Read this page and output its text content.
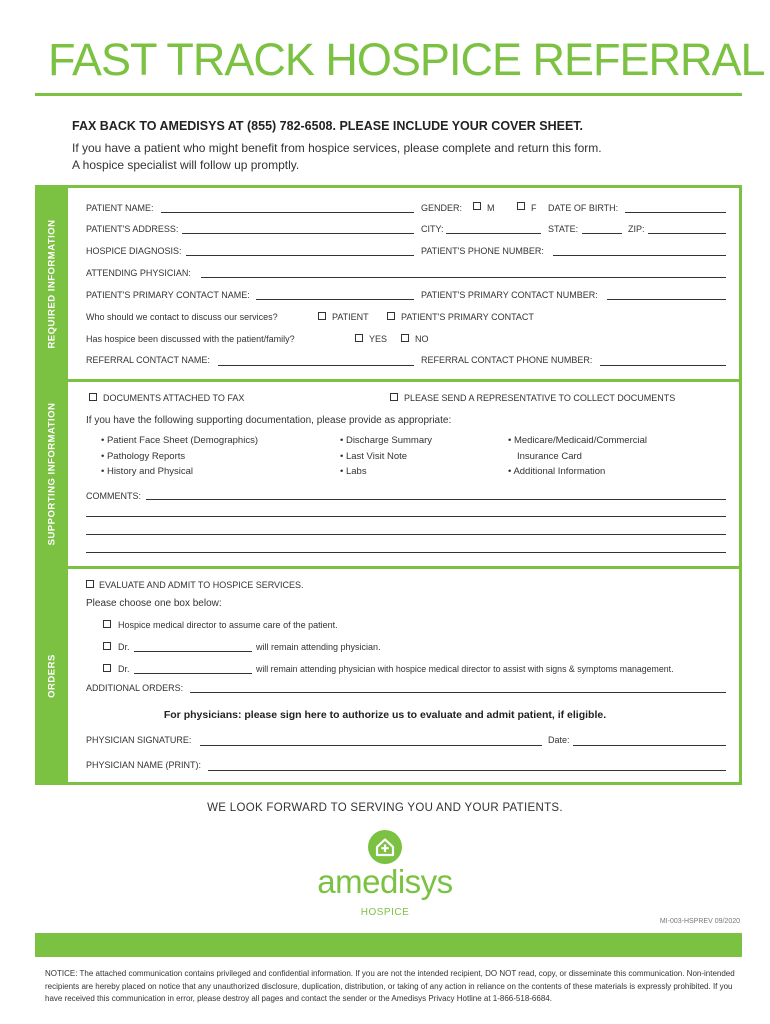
FAST TRACK HOSPICE REFERRAL
FAX BACK TO AMEDISYS AT (855) 782-6508. PLEASE INCLUDE YOUR COVER SHEET.
If you have a patient who might benefit from hospice services, please complete and return this form.
A hospice specialist will follow up promptly.
REQUIRED INFORMATION
SUPPORTING INFORMATION
ORDERS
PATIENT NAME:	GENDER:	M	F DATE OF BIRTH:
PATIENT'S ADDRESS:	CITY:	STATE:	ZIP:
HOSPICE DIAGNOSIS:	PATIENT'S PHONE NUMBER:
ATTENDING PHYSICIAN:
PATIENT'S PRIMARY CONTACT NAME:	PATIENT'S PRIMARY CONTACT NUMBER:
Who should we contact to discuss our services?	PATIENT	PATIENT'S PRIMARY CONTACT
Has hospice been discussed with the patient/family?	YES	NO
REFERRAL CONTACT NAME:	REFERRAL CONTACT PHONE NUMBER:
DOCUMENTS ATTACHED TO FAX	PLEASE SEND A REPRESENTATIVE TO COLLECT DOCUMENTS
If you have the following supporting documentation, please provide as appropriate:
• Patient Face Sheet (Demographics)
• Pathology Reports
• History and Physical
• Discharge Summary
• Last Visit Note
• Labs
• Medicare/Medicaid/Commercial
Insurance Card
• Additional Information
COMMENTS:
EVALUATE AND ADMIT TO HOSPICE SERVICES.
Please choose one box below:
Hospice medical director to assume care of the patient.
Dr.	will remain attending physician.
Dr.	will remain attending physician with hospice medical director to assist with signs & symptoms management.
ADDITIONAL ORDERS:
For physicians: please sign here to authorize us to evaluate and admit patient, if eligible.
PHYSICIAN SIGNATURE:	Date:
PHYSICIAN NAME (PRINT):
WE LOOK FORWARD TO SERVING YOU AND YOUR PATIENTS.
amedisys
HOSPICE
MI-003-HSPREV 09/2020
NOTICE: The attached communication contains privileged and confidential information. If you are not the intended recipient, DO NOT read, copy, or disseminate this communication. Non-intended recipients are hereby placed on notice that any unauthorized disclosure, duplication, distribution, or taking of any action in reliance on the contents of these materials is expressly prohibited. If you have received this communication in error, please destroy all pages and contact the sender or the Amedisys Privacy Hotline at 1-866-518-6684.
